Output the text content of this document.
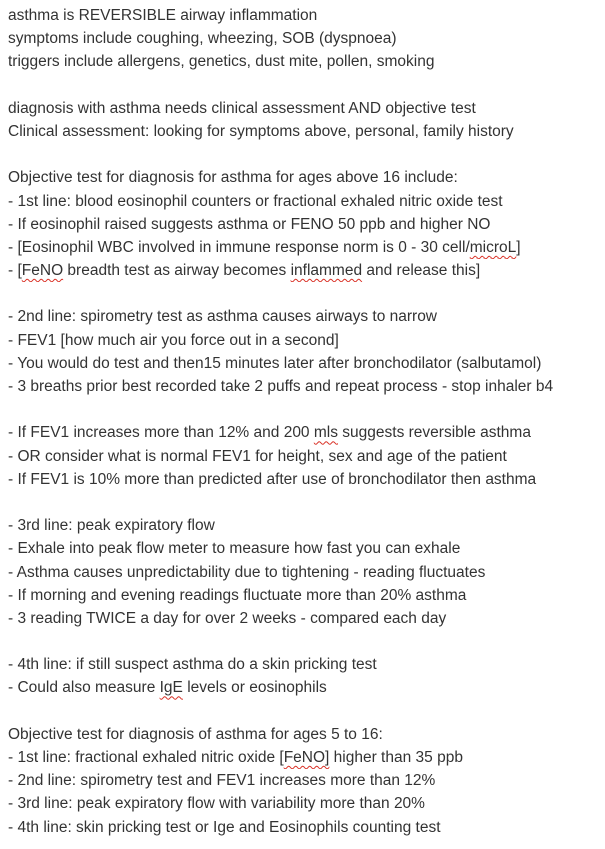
asthma is REVERSIBLE airway inflammation
symptoms include coughing, wheezing, SOB (dyspnoea)
triggers include allergens, genetics, dust mite, pollen, smoking
diagnosis with asthma needs clinical assessment AND objective test
Clinical assessment: looking for symptoms above, personal, family history
Objective test for diagnosis for asthma for ages above 16 include:
- 1st line: blood eosinophil counters or fractional exhaled nitric oxide test
- If eosinophil raised suggests asthma or FENO 50 ppb and higher NO
- [Eosinophil WBC involved in immune response norm is 0 - 30 cell/microL]
- [FeNO breadth test as airway becomes inflammed and release this]
- 2nd line: spirometry test as asthma causes airways to narrow
- FEV1 [how much air you force out in a second]
- You would do test and then15 minutes later after bronchodilator (salbutamol)
- 3 breaths prior best recorded take 2 puffs and repeat process - stop inhaler b4
- If FEV1 increases more than 12% and 200 mls suggests reversible asthma
- OR consider what is normal FEV1 for height, sex and age of the patient
- If FEV1 is 10% more than predicted after use of bronchodilator then asthma
- 3rd line: peak expiratory flow
- Exhale into peak flow meter to measure how fast you can exhale
- Asthma causes unpredictability due to tightening - reading fluctuates
- If morning and evening readings fluctuate more than 20% asthma
- 3 reading TWICE a day for over 2 weeks - compared each day
- 4th line: if still suspect asthma do a skin pricking test
- Could also measure IgE levels or eosinophils
Objective test for diagnosis of asthma for ages 5 to 16:
- 1st line: fractional exhaled nitric oxide [FeNO] higher than 35 ppb
- 2nd line: spirometry test and FEV1 increases more than 12%
- 3rd line: peak expiratory flow with variability more than 20%
- 4th line: skin pricking test or Ige and Eosinophils counting test
